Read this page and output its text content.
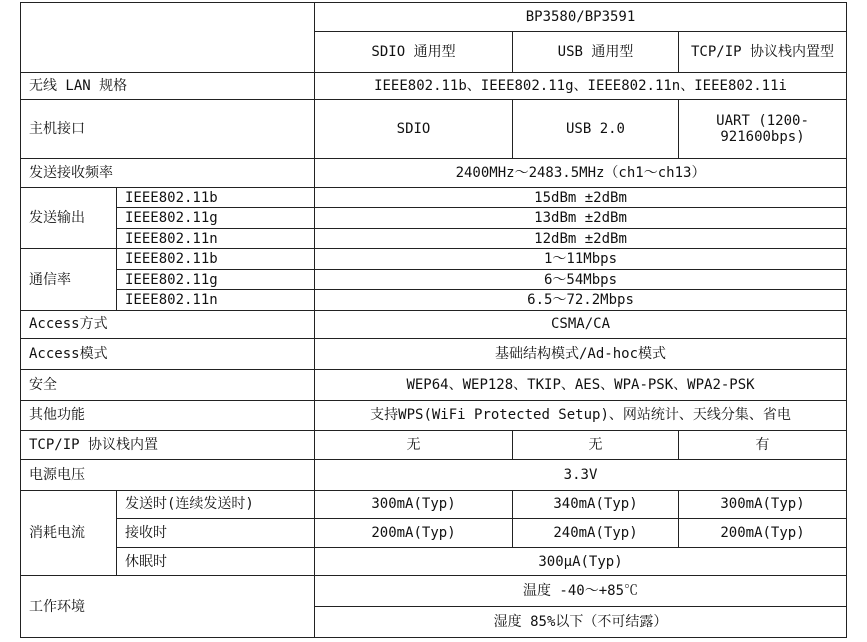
		BP3580/BP3591		
		SDIO 通用型	USB 通用型	TCP/IP 协议栈内置型
无线 LAN 规格		IEEE802.11b、IEEE802.11g、IEEE802.11n、IEEE802.11i		
主机接口		SDIO	USB 2.0	UART (1200-921600bps)
发送接收频率		2400MHz～2483.5MHz（ch1～ch13）		
发送输出	IEEE802.11b	15dBm ±2dBm		
	IEEE802.11g	13dBm ±2dBm		
	IEEE802.11n	12dBm ±2dBm		
通信率	IEEE802.11b	1～11Mbps		
	IEEE802.11g	6～54Mbps		
	IEEE802.11n	6.5～72.2Mbps		
Access方式		CSMA/CA		
Access模式		基础结构模式/Ad-hoc模式		
安全		WEP64、WEP128、TKIP、AES、WPA-PSK、WPA2-PSK		
其他功能		支持WPS(WiFi Protected Setup)、网站统计、天线分集、省电		
TCP/IP 协议栈内置		无	无	有
电源电压		3.3V		
消耗电流	发送时(连续发送时)	300mA(Typ)	340mA(Typ)	300mA(Typ)
	接收时	200mA(Typ)	240mA(Typ)	200mA(Typ)
	休眠时	300μA(Typ)		
工作环境		温度 -40～+85℃		
		湿度 85%以下（不可结露）		
